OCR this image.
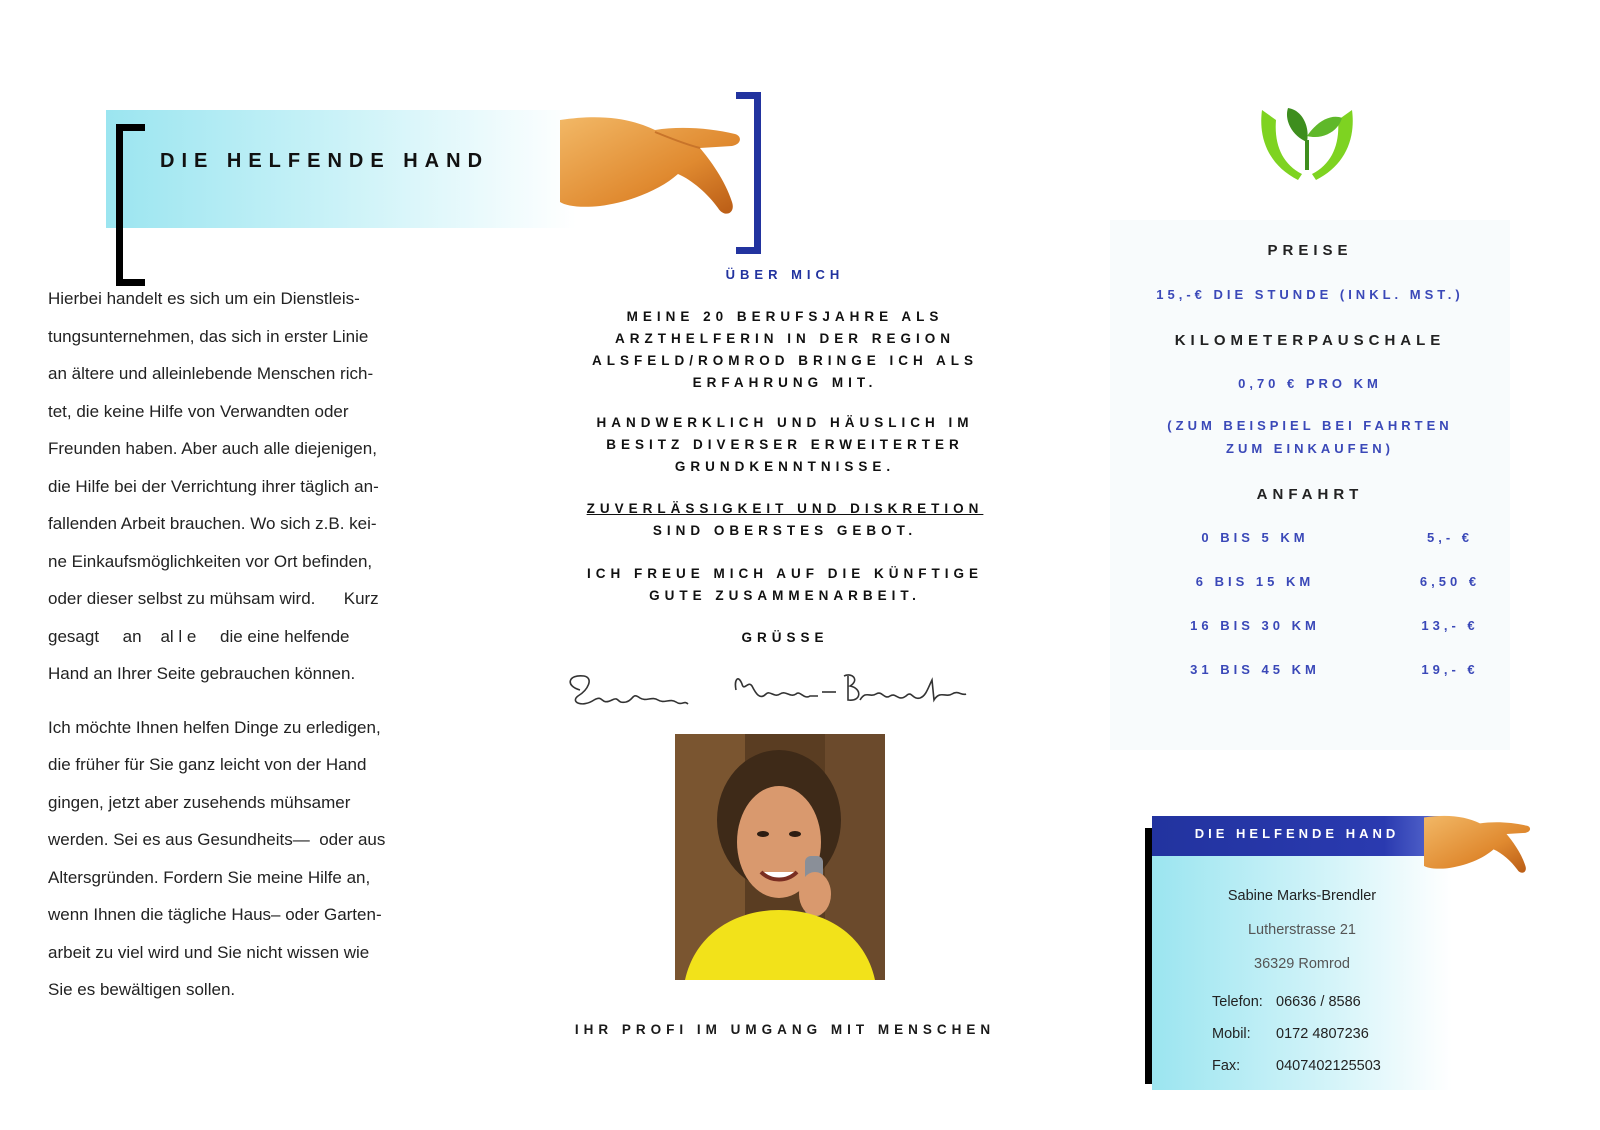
DIE HELFENDE HAND

Hierbei handelt es sich um ein Dienstleis-
tungsunternehmen, das sich in erster Linie
an ältere und alleinlebende Menschen rich-
tet, die keine Hilfe von Verwandten oder
Freunden haben. Aber auch alle diejenigen,
die Hilfe bei der Verrichtung ihrer täglich an-
fallenden Arbeit brauchen. Wo sich z.B. kei-
ne Einkaufsmöglichkeiten vor Ort befinden,
oder dieser selbst zu mühsam wird.      Kurz
gesagt     an    al l e     die eine helfende
Hand an Ihrer Seite gebrauchen können.

Ich möchte Ihnen helfen Dinge zu erledigen,
die früher für Sie ganz leicht von der Hand
gingen, jetzt aber zusehends mühsamer
werden. Sei es aus Gesundheits—  oder aus
Altersgründen. Fordern Sie meine Hilfe an,
wenn Ihnen die tägliche Haus– oder Garten-
arbeit zu viel wird und Sie nicht wissen wie
Sie es bewältigen sollen.

ÜBER MICH

MEINE 20 BERUFSJAHRE ALS

ARZTHELFERIN IN DER REGION

ALSFELD/ROMROD BRINGE ICH ALS

ERFAHRUNG MIT.

HANDWERKLICH UND HÄUSLICH IM

BESITZ DIVERSER ERWEITERTER

GRUNDKENNTNISSE.

ZUVERLÄSSIGKEIT UND DISKRETION

SIND OBERSTES GEBOT.

ICH FREUE MICH AUF DIE KÜNFTIGE

GUTE ZUSAMMENARBEIT.

GRÜSSE
IHR PROFI IM UMGANG MIT MENSCHEN
PREISE
15,-€ DIE STUNDE (INKL. MST.)
KILOMETERPAUSCHALE
0,70 € PRO KM
(ZUM BEISPIEL BEI FAHRTEN
ZUM EINKAUFEN)
ANFAHRT
0 BIS 5 KM	5,- €
6 BIS 15 KM	6,50 €
16 BIS 30 KM	13,- €
31 BIS 45 KM	19,- €
DIE HELFENDE HAND
Sabine Marks-Brendler
Lutherstrasse 21
36329 Romrod
Telefon: 06636 / 8586
Mobil: 0172 4807236
Fax: 0407402125503
